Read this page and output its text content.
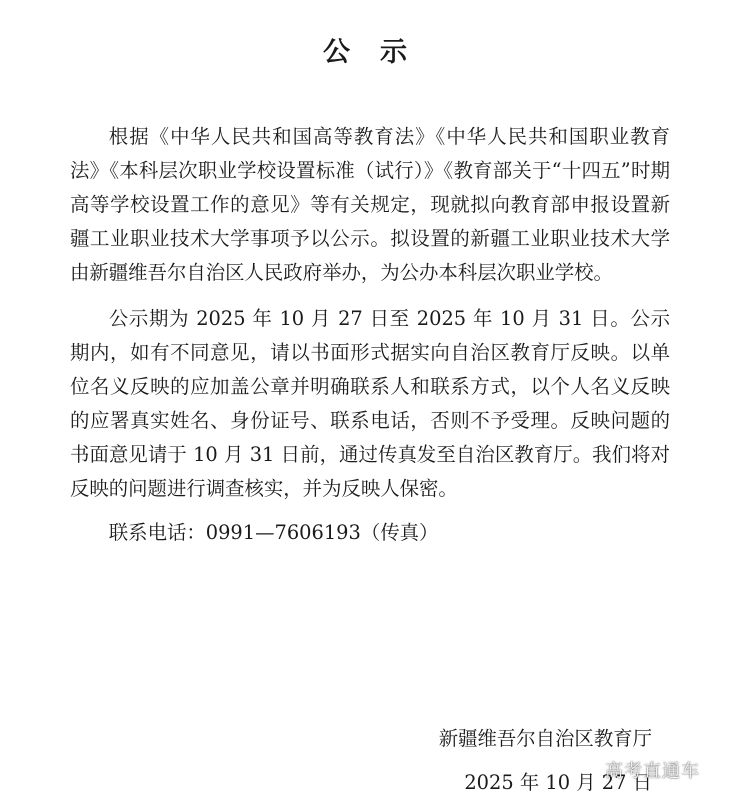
公示

根据《中华人民共和国高等教育法》《中华人民共和国职业教育法》《本科层次职业学校设置标准（试行）》《教育部关于“十四五”时期高等学校设置工作的意见》等有关规定，现就拟向教育部申报设置新疆工业职业技术大学事项予以公示。拟设置的新疆工业职业技术大学由新疆维吾尔自治区人民政府举办，为公办本科层次职业学校。

公示期为 2025 年 10 月 27 日至 2025 年 10 月 31 日。公示期内，如有不同意见，请以书面形式据实向自治区教育厅反映。以单位名义反映的应加盖公章并明确联系人和联系方式，以个人名义反映的应署真实姓名、身份证号、联系电话，否则不予受理。反映问题的书面意见请于 10 月 31 日前，通过传真发至自治区教育厅。我们将对反映的问题进行调查核实，并为反映人保密。

联系电话：0991—7606193（传真）

新疆维吾尔自治区教育厅
2025 年 10 月 27 日
高考直通车
